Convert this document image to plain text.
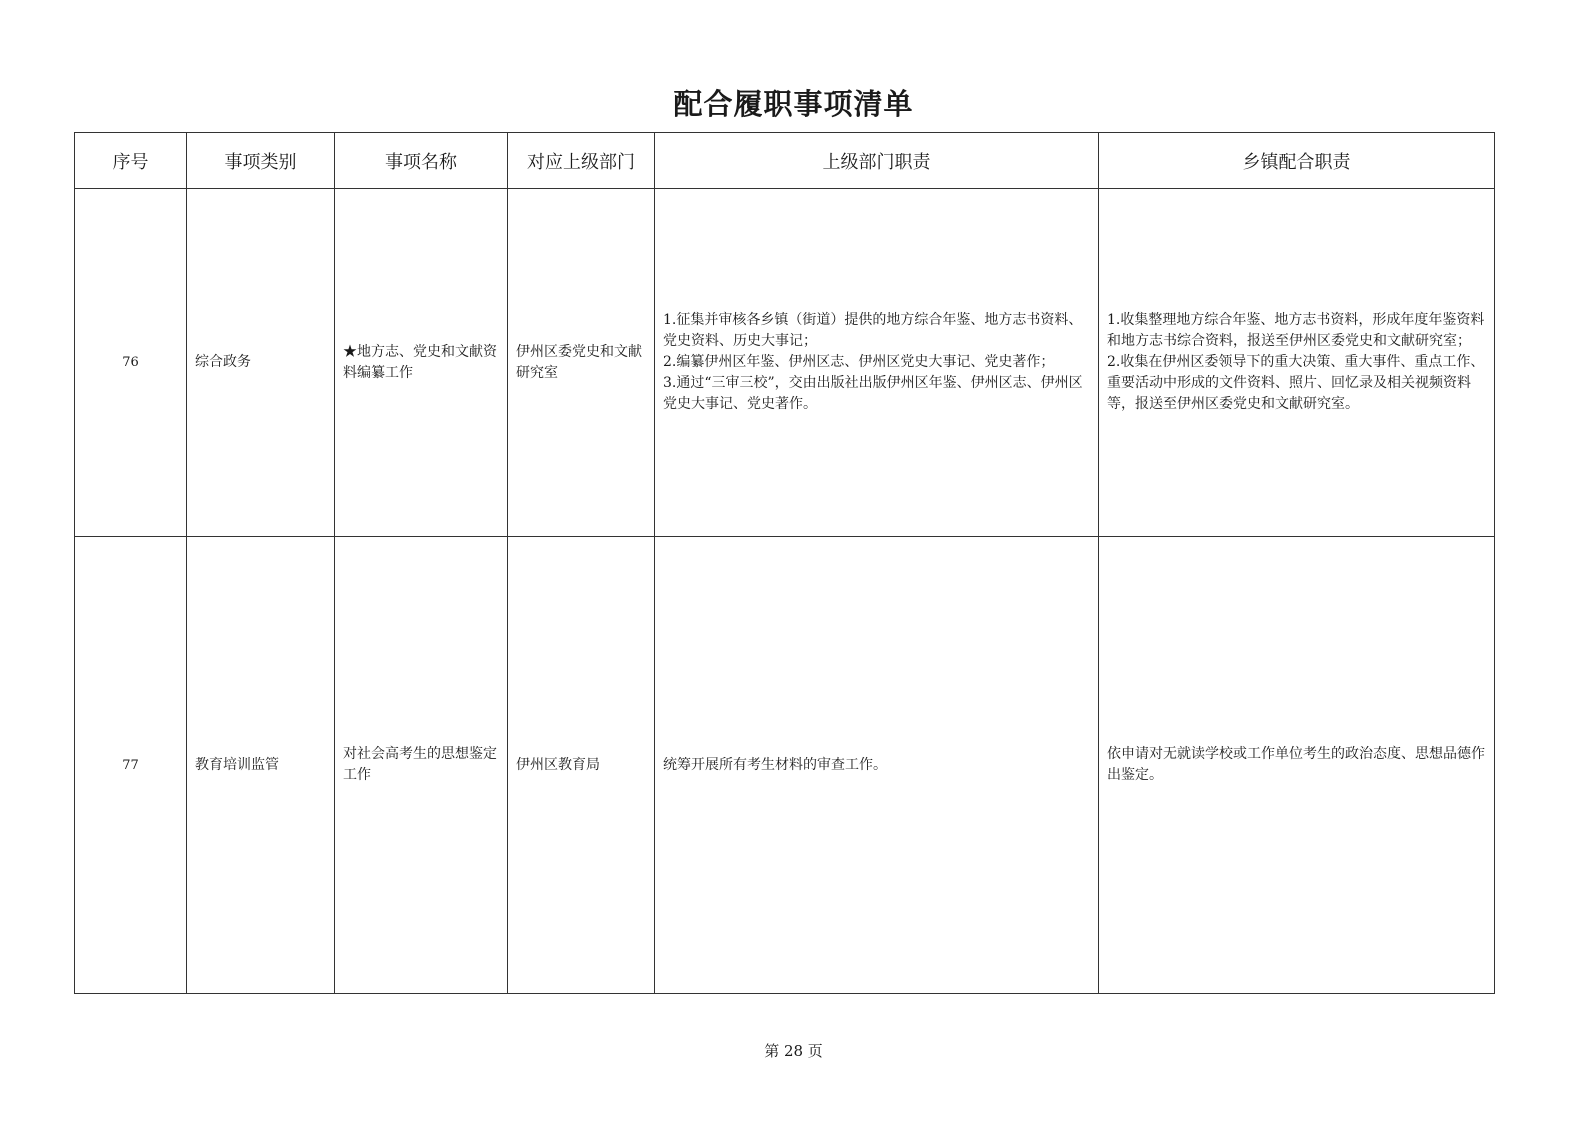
配合履职事项清单
序号	事项类别	事项名称	对应上级部门	上级部门职责	乡镇配合职责
76	综合政务	★地方志、党史和文献资料编纂工作	伊州区委党史和文献研究室	1.征集并审核各乡镇（街道）提供的地方综合年鉴、地方志书资料、党史资料、历史大事记；
2.编纂伊州区年鉴、伊州区志、伊州区党史大事记、党史著作；
3.通过“三审三校”，交由出版社出版伊州区年鉴、伊州区志、伊州区党史大事记、党史著作。	1.收集整理地方综合年鉴、地方志书资料，形成年度年鉴资料和地方志书综合资料，报送至伊州区委党史和文献研究室；
2.收集在伊州区委领导下的重大决策、重大事件、重点工作、重要活动中形成的文件资料、照片、回忆录及相关视频资料等，报送至伊州区委党史和文献研究室。

77	教育培训监管	对社会高考生的思想鉴定工作	伊州区教育局	统筹开展所有考生材料的审查工作。	依申请对无就读学校或工作单位考生的政治态度、思想品德作出鉴定。
第 28 页
